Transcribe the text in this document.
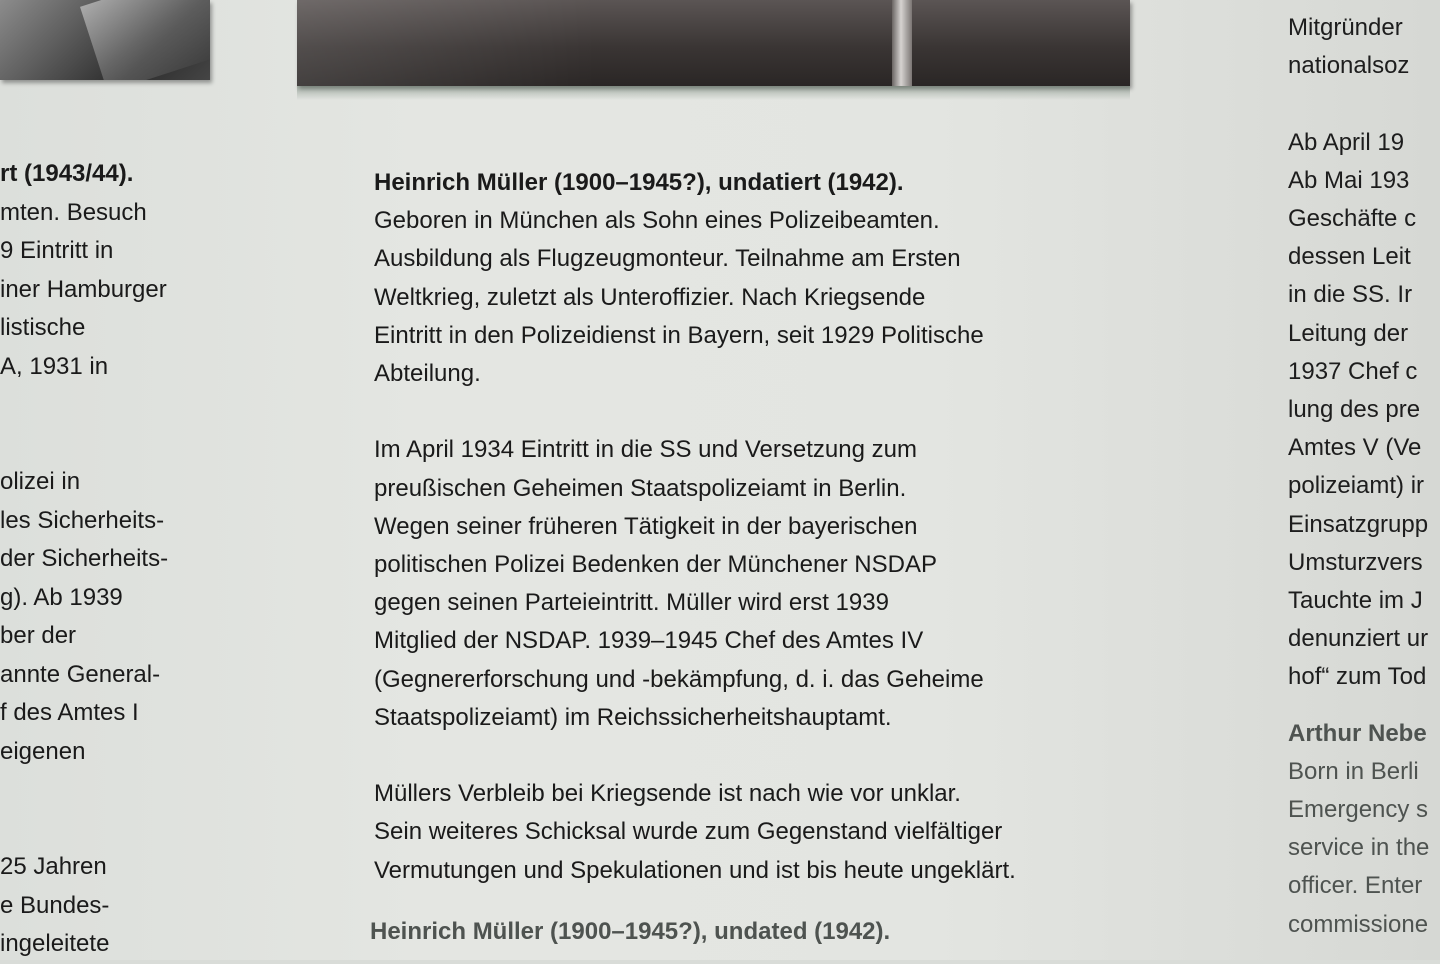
rt (1943/44).
mten. Besuch
9 Eintritt in
iner Hamburger
listische
A, 1931 in
olizei in
les Sicherheits-
der Sicherheits-
g). Ab 1939
ber der
annte General-
f des Amtes I
eigenen
25 Jahren
e Bundes-
ingeleitete
Heinrich Müller (1900–1945?), undatiert (1942).
Geboren in München als Sohn eines Polizeibeamten.
Ausbildung als Flugzeugmonteur. Teilnahme am Ersten
Weltkrieg, zuletzt als Unteroffizier. Nach Kriegsende
Eintritt in den Polizeidienst in Bayern, seit 1929 Politische
Abteilung.

Im April 1934 Eintritt in die SS und Versetzung zum
preußischen Geheimen Staatspolizeiamt in Berlin.
Wegen seiner früheren Tätigkeit in der bayerischen
politischen Polizei Bedenken der Münchener NSDAP
gegen seinen Parteieintritt. Müller wird erst 1939
Mitglied der NSDAP. 1939–1945 Chef des Amtes IV
(Gegnererforschung und -bekämpfung, d. i. das Geheime
Staatspolizeiamt) im Reichssicherheitshauptamt.

Müllers Verbleib bei Kriegsende ist nach wie vor unklar.
Sein weiteres Schicksal wurde zum Gegenstand vielfältiger
Vermutungen und Spekulationen und ist bis heute ungeklärt.
Heinrich Müller (1900–1945?), undated (1942).
Mitgründer
nationalsoz

Ab April 19
Ab Mai 193
Geschäfte c
dessen Leit
in die SS. Ir
Leitung der
1937 Chef c
lung des pre
Amtes V (Ve
polizeiamt) ir
Einsatzgrupp
Umsturzvers
Tauchte im J
denunziert ur
hof“ zum Tod
Arthur Nebe
Born in Berli
Emergency s
service in the
officer. Enter
commissione
